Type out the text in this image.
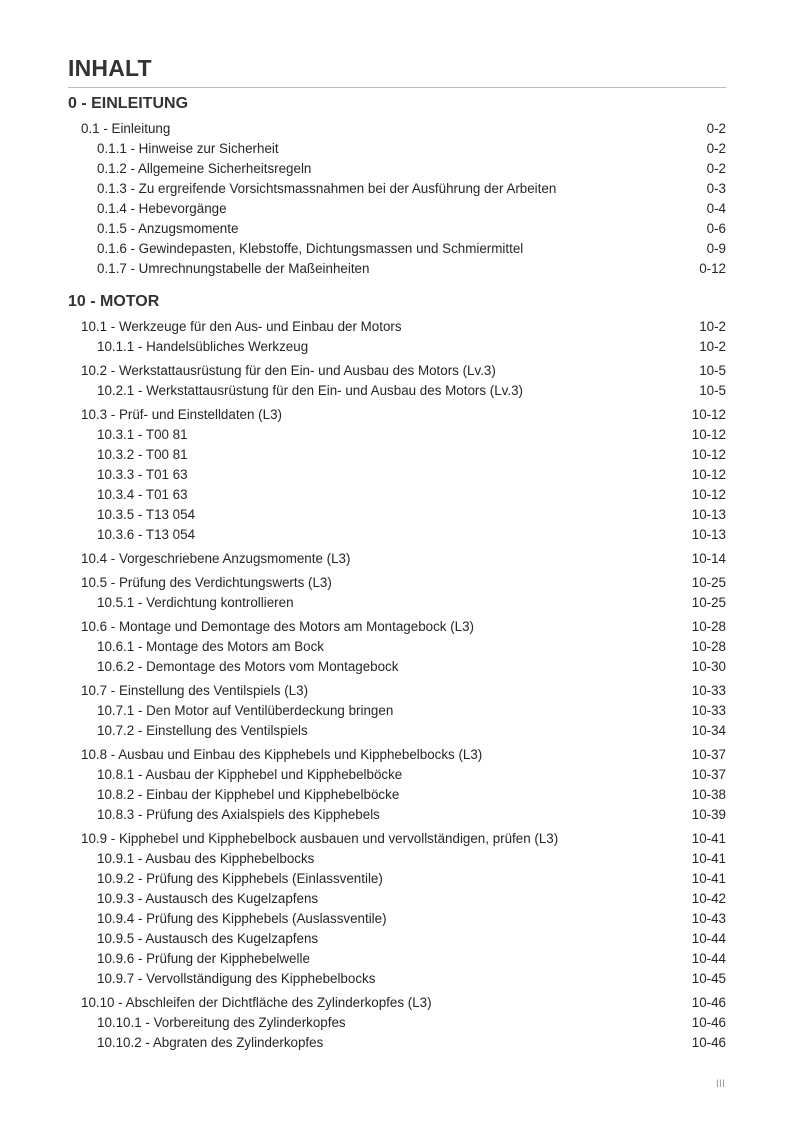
INHALT
0 - EINLEITUNG
0.1 - Einleitung	0-2
0.1.1 - Hinweise zur Sicherheit	0-2
0.1.2 - Allgemeine Sicherheitsregeln	0-2
0.1.3 - Zu ergreifende Vorsichtsmassnahmen bei der Ausführung der Arbeiten	0-3
0.1.4 - Hebevorgänge	0-4
0.1.5 - Anzugsmomente	0-6
0.1.6 - Gewindepasten, Klebstoffe, Dichtungsmassen und Schmiermittel	0-9
0.1.7 - Umrechnungstabelle der Maßeinheiten	0-12
10 - MOTOR
10.1 - Werkzeuge für den Aus- und Einbau der Motors	10-2
10.1.1 - Handelsübliches Werkzeug	10-2
10.2 - Werkstattausrüstung für den Ein- und Ausbau des Motors (Lv.3)	10-5
10.2.1 - Werkstattausrüstung für den Ein- und Ausbau des Motors (Lv.3)	10-5
10.3 - Prüf- und Einstelldaten (L3)	10-12
10.3.1 - T00 81	10-12
10.3.2 - T00 81	10-12
10.3.3 - T01 63	10-12
10.3.4 - T01 63	10-12
10.3.5 - T13 054	10-13
10.3.6 - T13 054	10-13
10.4 - Vorgeschriebene Anzugsmomente (L3)	10-14
10.5 - Prüfung des Verdichtungswerts (L3)	10-25
10.5.1 - Verdichtung kontrollieren	10-25
10.6 - Montage und Demontage des Motors am Montagebock (L3)	10-28
10.6.1 - Montage des Motors am Bock	10-28
10.6.2 - Demontage des Motors vom Montagebock	10-30
10.7 - Einstellung des Ventilspiels (L3)	10-33
10.7.1 - Den Motor auf Ventilüberdeckung bringen	10-33
10.7.2 - Einstellung des Ventilspiels	10-34
10.8 - Ausbau und Einbau des Kipphebels und Kipphebelbocks (L3)	10-37
10.8.1 - Ausbau der Kipphebel und Kipphebelböcke	10-37
10.8.2 - Einbau der Kipphebel und Kipphebelböcke	10-38
10.8.3 - Prüfung des Axialspiels des Kipphebels	10-39
10.9 - Kipphebel und Kipphebelbock ausbauen und vervollständigen, prüfen (L3)	10-41
10.9.1 - Ausbau des Kipphebelbocks	10-41
10.9.2 - Prüfung des Kipphebels (Einlassventile)	10-41
10.9.3 - Austausch des Kugelzapfens	10-42
10.9.4 - Prüfung des Kipphebels (Auslassventile)	10-43
10.9.5 - Austausch des Kugelzapfens	10-44
10.9.6 - Prüfung der Kipphebelwelle	10-44
10.9.7 - Vervollständigung des Kipphebelbocks	10-45
10.10 - Abschleifen der Dichtfläche des Zylinderkopfes (L3)	10-46
10.10.1 - Vorbereitung des Zylinderkopfes	10-46
10.10.2 - Abgraten des Zylinderkopfes	10-46
III
